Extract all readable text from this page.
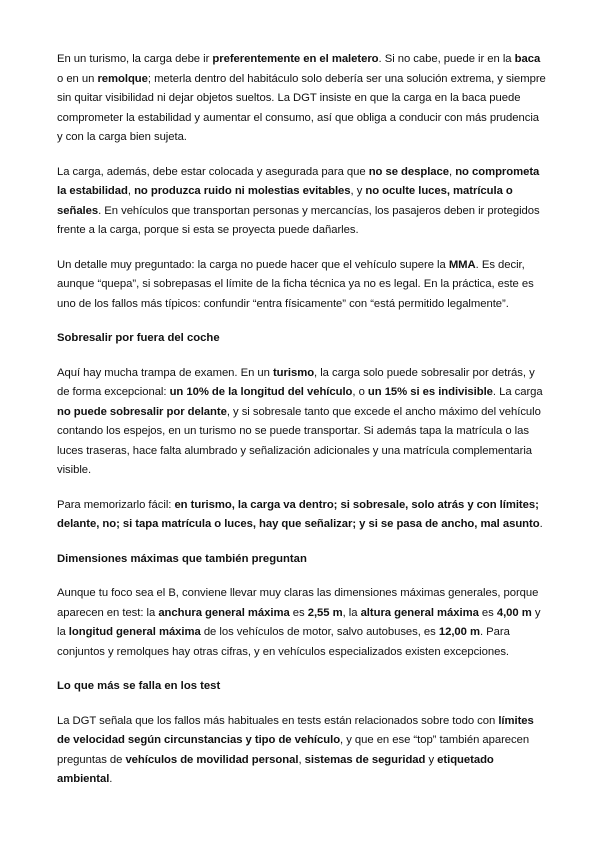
En un turismo, la carga debe ir preferentemente en el maletero. Si no cabe, puede ir en la baca o en un remolque; meterla dentro del habitáculo solo debería ser una solución extrema, y siempre sin quitar visibilidad ni dejar objetos sueltos. La DGT insiste en que la carga en la baca puede comprometer la estabilidad y aumentar el consumo, así que obliga a conducir con más prudencia y con la carga bien sujeta.

La carga, además, debe estar colocada y asegurada para que no se desplace, no comprometa la estabilidad, no produzca ruido ni molestias evitables, y no oculte luces, matrícula o señales. En vehículos que transportan personas y mercancías, los pasajeros deben ir protegidos frente a la carga, porque si esta se proyecta puede dañarles.

Un detalle muy preguntado: la carga no puede hacer que el vehículo supere la MMA. Es decir, aunque “quepa”, si sobrepasas el límite de la ficha técnica ya no es legal. En la práctica, este es uno de los fallos más típicos: confundir “entra físicamente” con “está permitido legalmente”.

Sobresalir por fuera del coche

Aquí hay mucha trampa de examen. En un turismo, la carga solo puede sobresalir por detrás, y de forma excepcional: un 10% de la longitud del vehículo, o un 15% si es indivisible. La carga no puede sobresalir por delante, y si sobresale tanto que excede el ancho máximo del vehículo contando los espejos, en un turismo no se puede transportar. Si además tapa la matrícula o las luces traseras, hace falta alumbrado y señalización adicionales y una matrícula complementaria visible.

Para memorizarlo fácil: en turismo, la carga va dentro; si sobresale, solo atrás y con límites; delante, no; si tapa matrícula o luces, hay que señalizar; y si se pasa de ancho, mal asunto.

Dimensiones máximas que también preguntan

Aunque tu foco sea el B, conviene llevar muy claras las dimensiones máximas generales, porque aparecen en test: la anchura general máxima es 2,55 m, la altura general máxima es 4,00 m y la longitud general máxima de los vehículos de motor, salvo autobuses, es 12,00 m. Para conjuntos y remolques hay otras cifras, y en vehículos especializados existen excepciones.

Lo que más se falla en los test

La DGT señala que los fallos más habituales en tests están relacionados sobre todo con límites de velocidad según circunstancias y tipo de vehículo, y que en ese “top” también aparecen preguntas de vehículos de movilidad personal, sistemas de seguridad y etiquetado ambiental.
